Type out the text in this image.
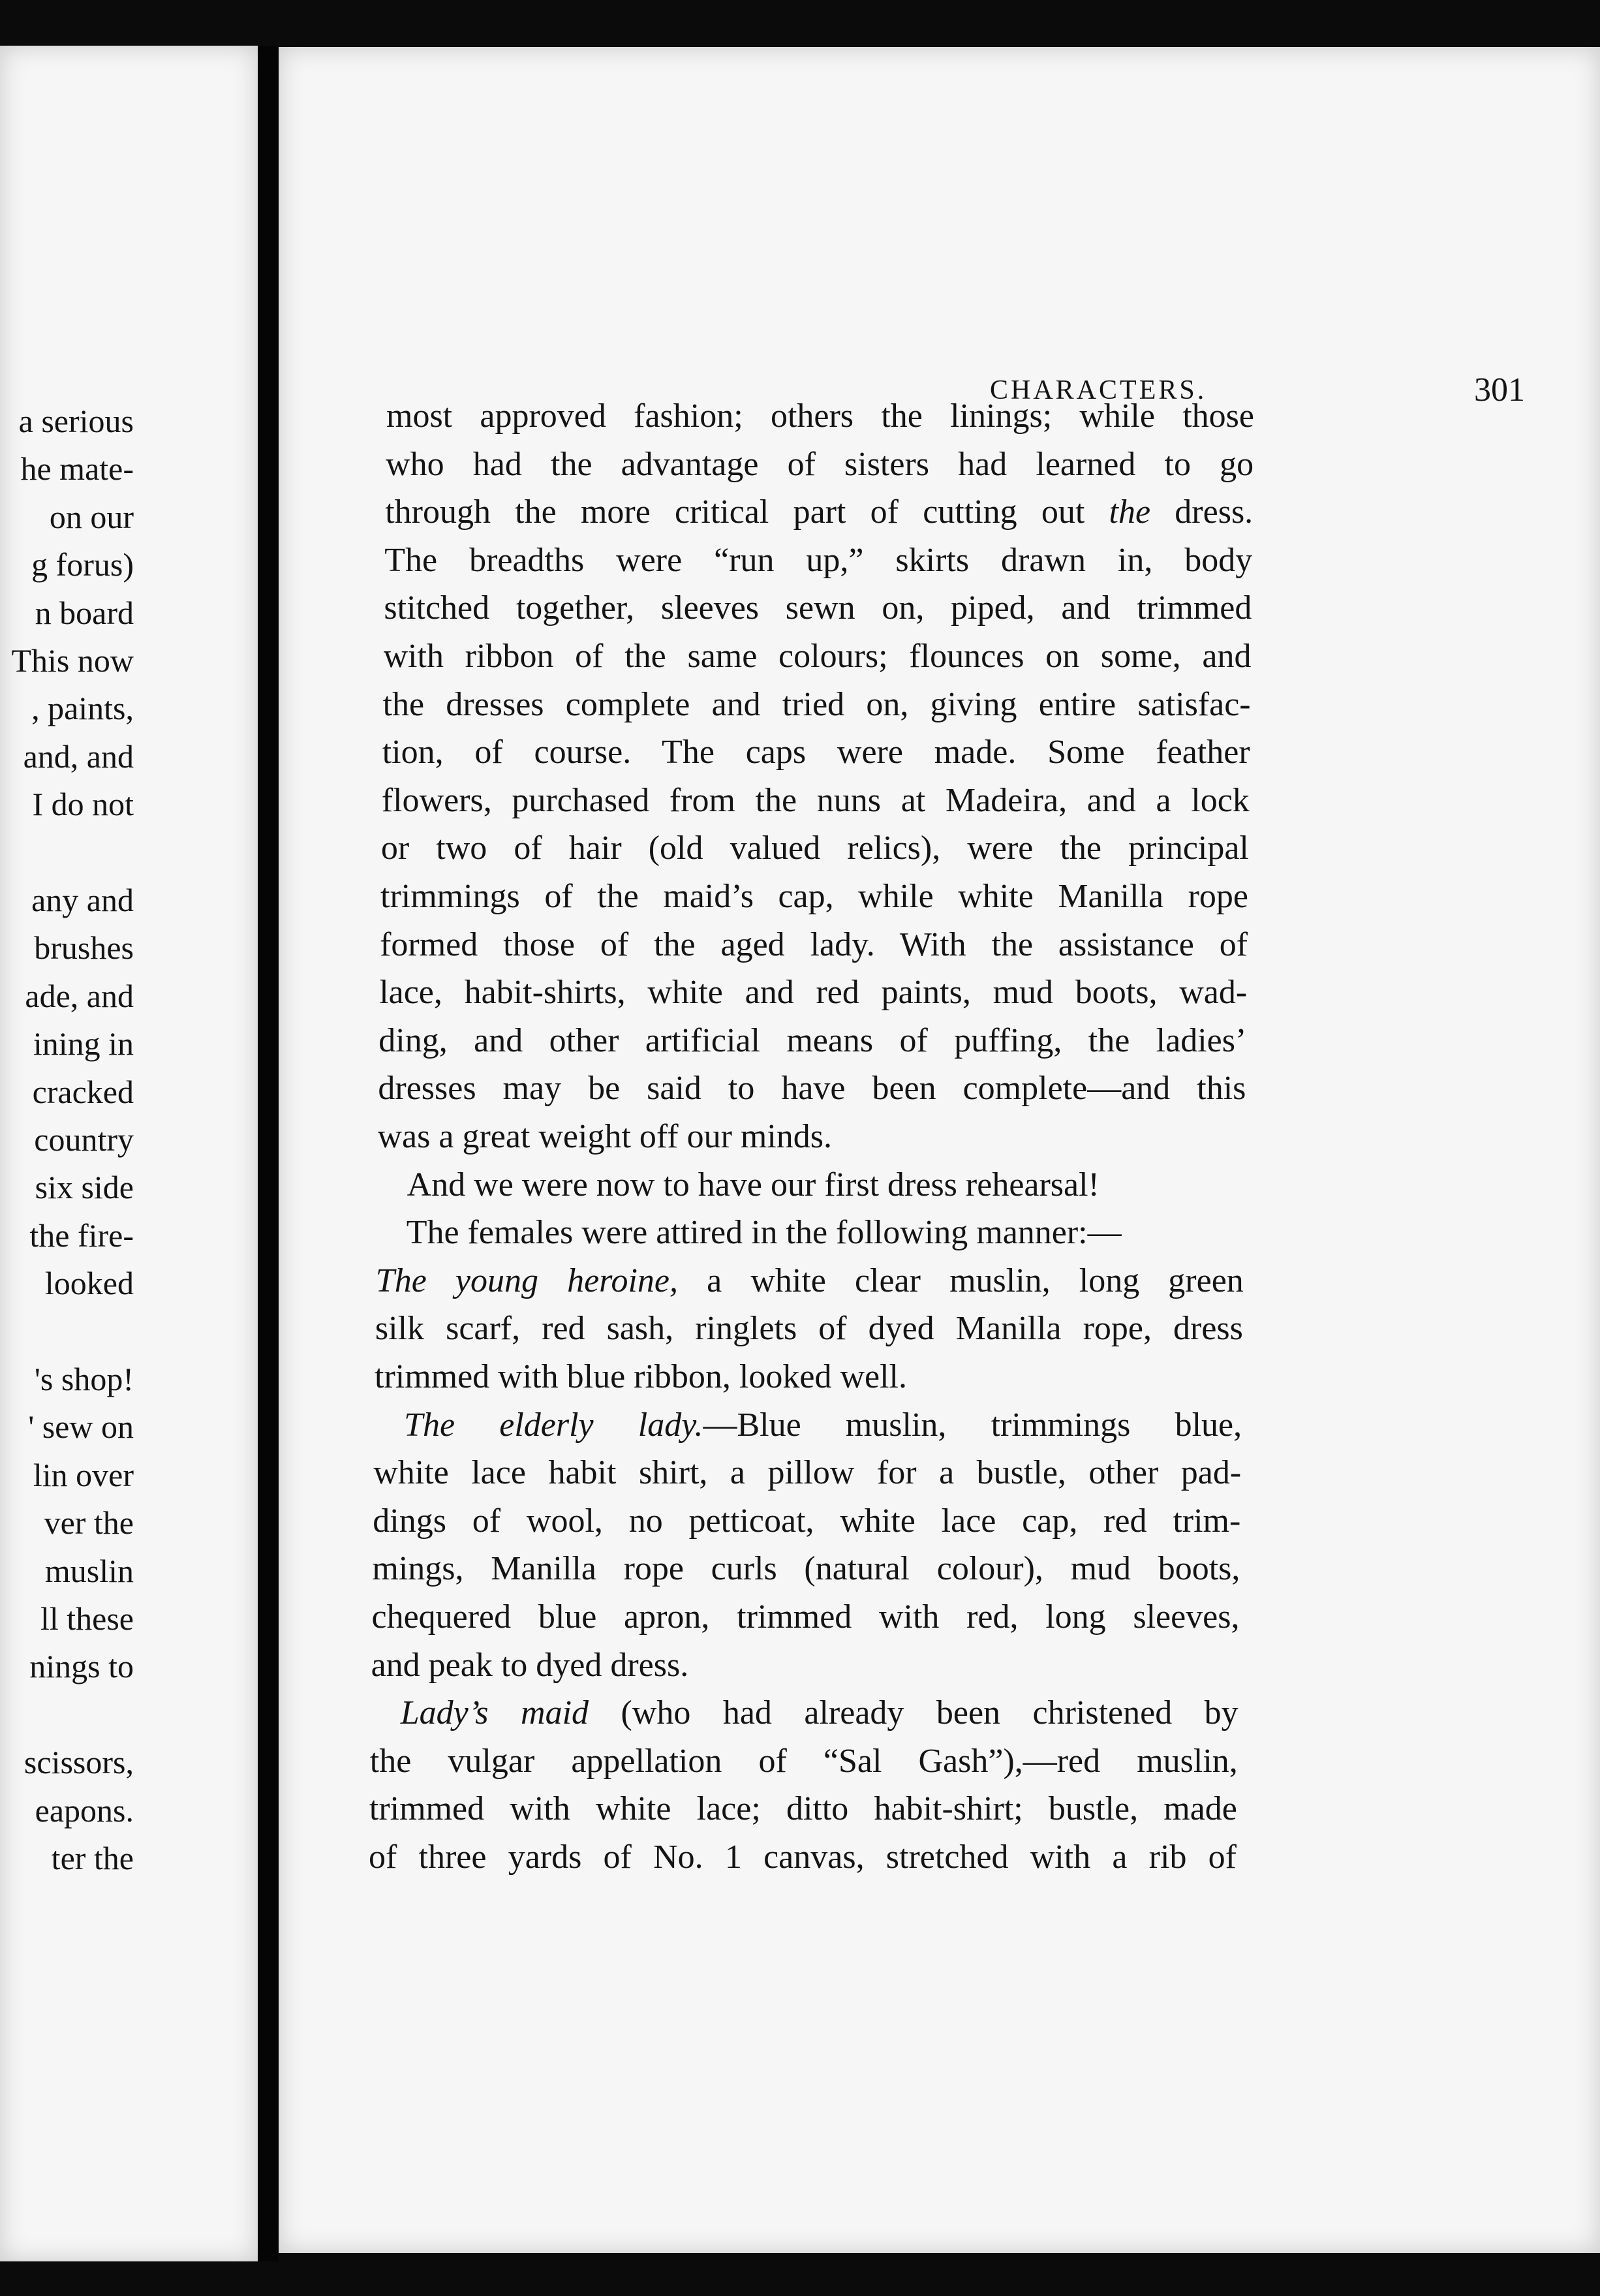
a serious
he mate-
on our
g forus)
n board
This now
, paints,
and, and
I do not
any and
brushes
ade, and
ining in
cracked
country
six side
the fire-
looked
's shop!
' sew on
lin over
ver the
muslin
ll these
nings to
scissors,
eapons.
ter the
CHARACTERS.	301
most approved fashion; others the linings; while those
who had the advantage of sisters had learned to go
through the more critical part of cutting out the dress.
The breadths were “run up,” skirts drawn in, body
stitched together, sleeves sewn on, piped, and trimmed
with ribbon of the same colours; flounces on some, and
the dresses complete and tried on, giving entire satisfac-
tion, of course. The caps were made. Some feather
flowers, purchased from the nuns at Madeira, and a lock
or two of hair (old valued relics), were the principal
trimmings of the maid’s cap, while white Manilla rope
formed those of the aged lady. With the assistance of
lace, habit-shirts, white and red paints, mud boots, wad-
ding, and other artificial means of puffing, the ladies’
dresses may be said to have been complete—and this
was a great weight off our minds.
And we were now to have our first dress rehearsal!
The females were attired in the following manner:—
The young heroine, a white clear muslin, long green
silk scarf, red sash, ringlets of dyed Manilla rope, dress
trimmed with blue ribbon, looked well.
The elderly lady.—Blue muslin, trimmings blue,
white lace habit shirt, a pillow for a bustle, other pad-
dings of wool, no petticoat, white lace cap, red trim-
mings, Manilla rope curls (natural colour), mud boots,
chequered blue apron, trimmed with red, long sleeves,
and peak to dyed dress.
Lady’s maid (who had already been christened by
the vulgar appellation of “Sal Gash”),—red muslin,
trimmed with white lace; ditto habit-shirt; bustle, made
of three yards of No. 1 canvas, stretched with a rib of
